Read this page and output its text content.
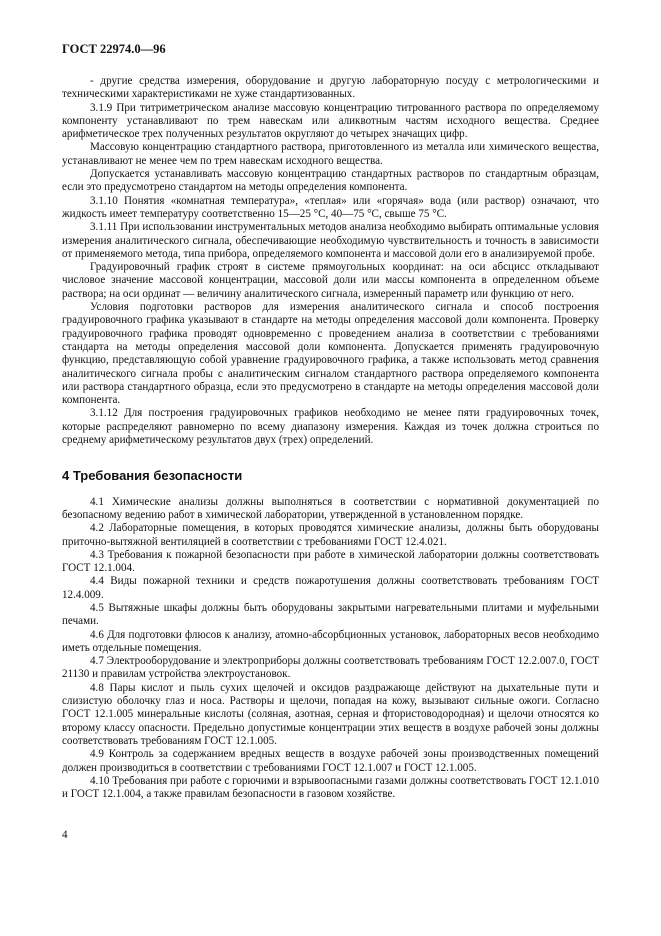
ГОСТ 22974.0—96

- другие средства измерения, оборудование и другую лабораторную посуду с метрологическими и техническими характеристиками не хуже стандартизованных.

3.1.9 При титриметрическом анализе массовую концентрацию титрованного раствора по определяемому компоненту устанавливают по трем навескам или аликвотным частям исходного вещества. Среднее арифметическое трех полученных результатов округляют до четырех значащих цифр.

Массовую концентрацию стандартного раствора, приготовленного из металла или химического вещества, устанавливают не менее чем по трем навескам исходного вещества.

Допускается устанавливать массовую концентрацию стандартных растворов по стандартным образцам, если это предусмотрено стандартом на методы определения компонента.

3.1.10 Понятия «комнатная температура», «теплая» или «горячая» вода (или раствор) означают, что жидкость имеет температуру соответственно 15—25 °С, 40—75 °С, свыше 75 °С.

3.1.11 При использовании инструментальных методов анализа необходимо выбирать оптимальные условия измерения аналитического сигнала, обеспечивающие необходимую чувствительность и точность в зависимости от применяемого метода, типа прибора, определяемого компонента и массовой доли его в анализируемой пробе.

Градуировочный график строят в системе прямоугольных координат: на оси абсцисс откладывают числовое значение массовой концентрации, массовой доли или массы компонента в определенном объеме раствора; на оси ординат — величину аналитического сигнала, измеренный параметр или функцию от него.

Условия подготовки растворов для измерения аналитического сигнала и способ построения градуировочного графика указывают в стандарте на методы определения массовой доли компонента. Проверку градуировочного графика проводят одновременно с проведением анализа в соответствии с требованиями стандарта на методы определения массовой доли компонента. Допускается применять градуировочную функцию, представляющую собой уравнение градуировочного графика, а также использовать метод сравнения аналитического сигнала пробы с аналитическим сигналом стандартного раствора определяемого компонента или раствора стандартного образца, если это предусмотрено в стандарте на методы определения массовой доли компонента.

3.1.12 Для построения градуировочных графиков необходимо не менее пяти градуировочных точек, которые распределяют равномерно по всему диапазону измерения. Каждая из точек должна строиться по среднему арифметическому результатов двух (трех) определений.

4 Требования безопасности

4.1 Химические анализы должны выполняться в соответствии с нормативной документацией по безопасному ведению работ в химической лаборатории, утвержденной в установленном порядке.

4.2 Лабораторные помещения, в которых проводятся химические анализы, должны быть оборудованы приточно-вытяжной вентиляцией в соответствии с требованиями ГОСТ 12.4.021.

4.3 Требования к пожарной безопасности при работе в химической лаборатории должны соответствовать ГОСТ 12.1.004.

4.4 Виды пожарной техники и средств пожаротушения должны соответствовать требованиям ГОСТ 12.4.009.

4.5 Вытяжные шкафы должны быть оборудованы закрытыми нагревательными плитами и муфельными печами.

4.6 Для подготовки флюсов к анализу, атомно-абсорбционных установок, лабораторных весов необходимо иметь отдельные помещения.

4.7 Электрооборудование и электроприборы должны соответствовать требованиям ГОСТ 12.2.007.0, ГОСТ 21130 и правилам устройства электроустановок.

4.8 Пары кислот и пыль сухих щелочей и оксидов раздражающе действуют на дыхательные пути и слизистую оболочку глаз и носа. Растворы и щелочи, попадая на кожу, вызывают сильные ожоги. Согласно ГОСТ 12.1.005 минеральные кислоты (соляная, азотная, серная и фтористоводородная) и щелочи относятся ко второму классу опасности. Предельно допустимые концентрации этих веществ в воздухе рабочей зоны должны соответствовать требованиям ГОСТ 12.1.005.

4.9 Контроль за содержанием вредных веществ в воздухе рабочей зоны производственных помещений должен производиться в соответствии с требованиями ГОСТ 12.1.007 и ГОСТ 12.1.005.

4.10 Требования при работе с горючими и взрывоопасными газами должны соответствовать ГОСТ 12.1.010 и ГОСТ 12.1.004, а также правилам безопасности в газовом хозяйстве.

4
